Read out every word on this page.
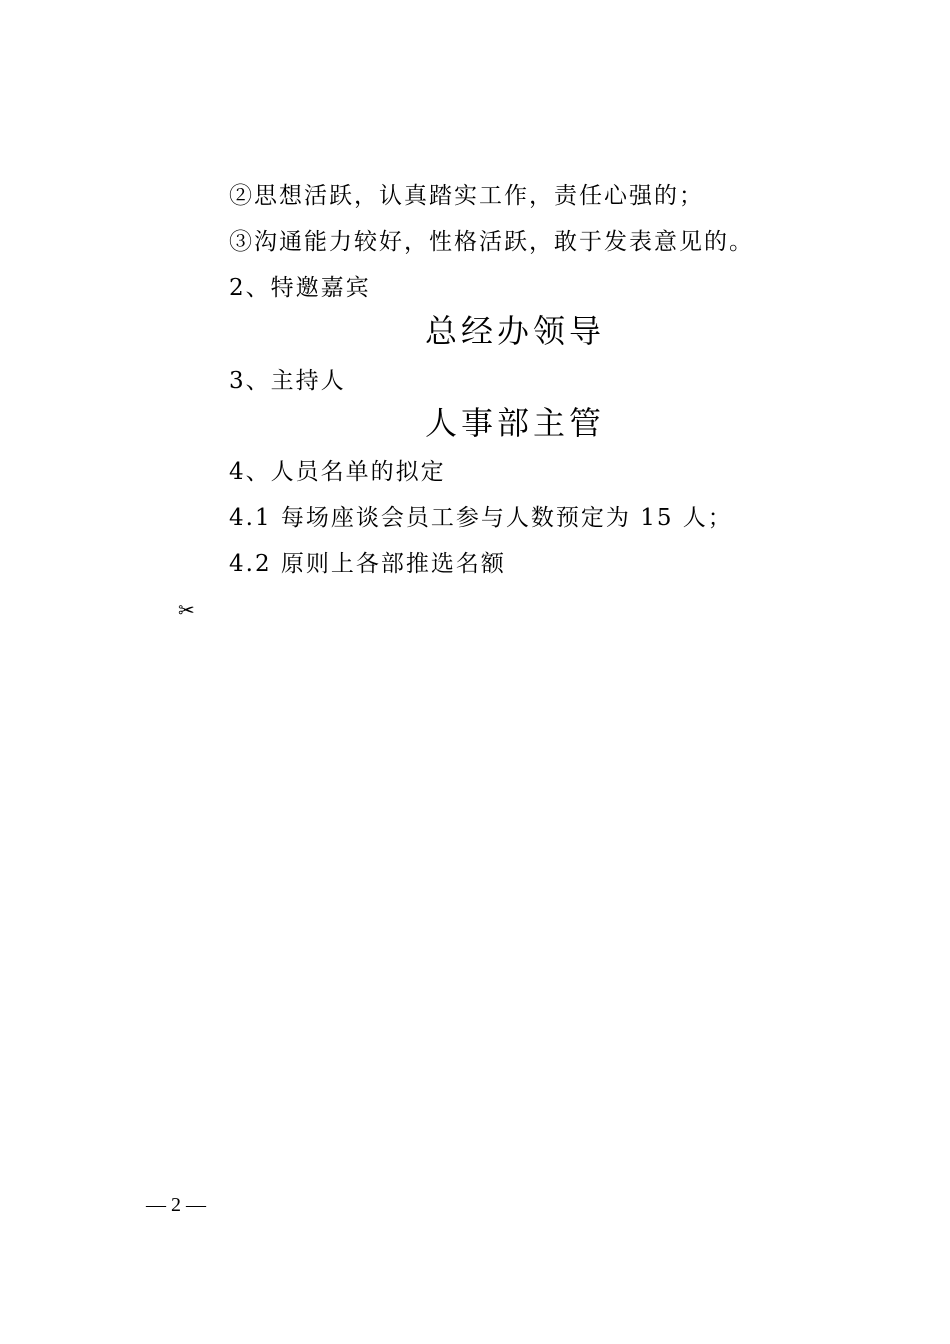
②思想活跃，认真踏实工作，责任心强的；
③沟通能力较好，性格活跃，敢于发表意见的。
2、特邀嘉宾
总经办领导
3、主持人
人事部主管
4、人员名单的拟定
4.1 每场座谈会员工参与人数预定为 15 人；
4.2 原则上各部推选名额
✂
— 2 —
